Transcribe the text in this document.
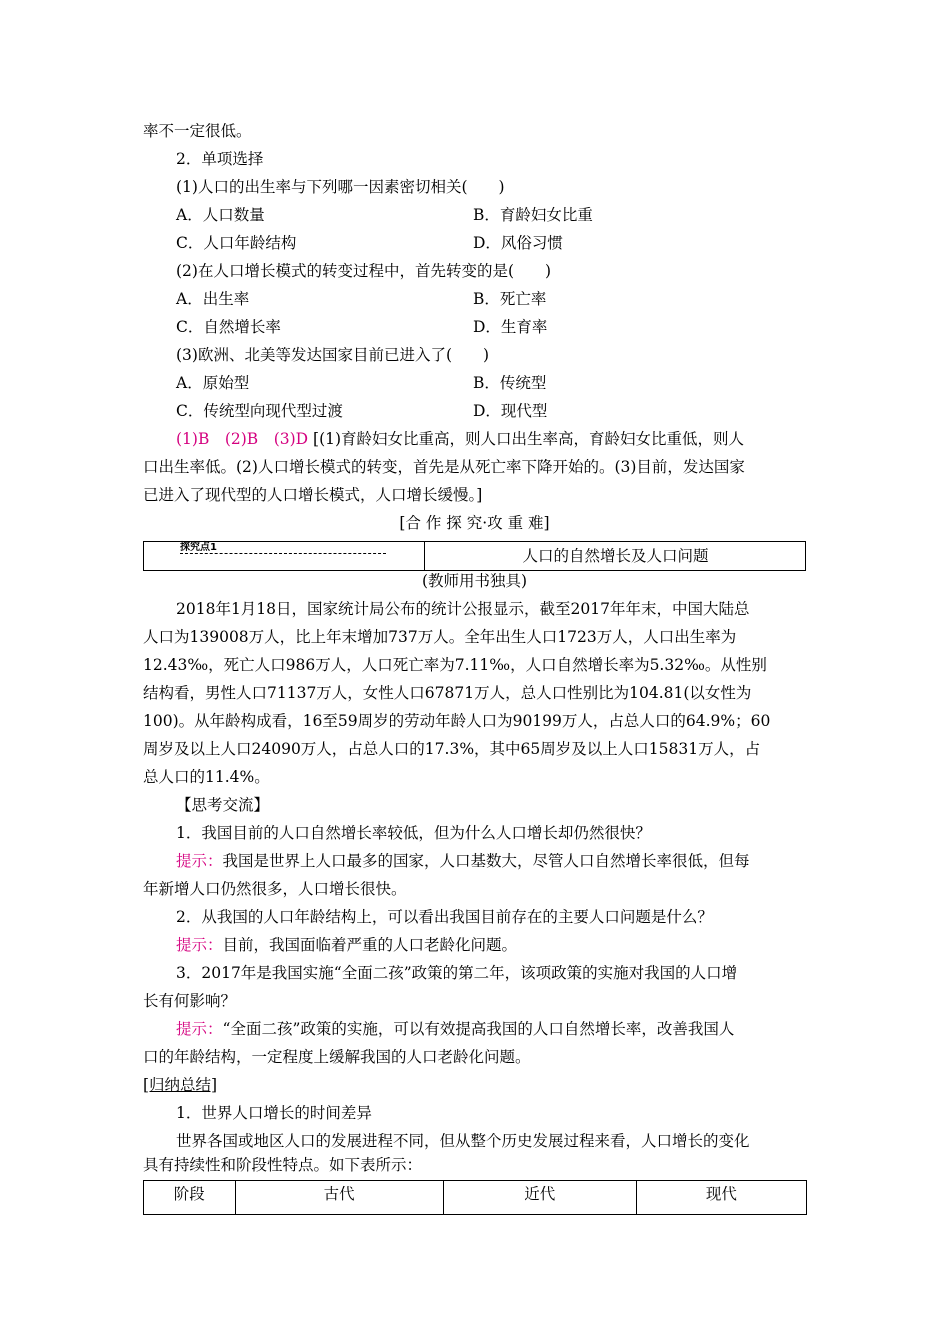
率不一定很低。
2．单项选择
(1)人口的出生率与下列哪一因素密切相关(　　)
A．人口数量	B．育龄妇女比重
C．人口年龄结构	D．风俗习惯
(2)在人口增长模式的转变过程中，首先转变的是(　　)
A．出生率	B．死亡率
C．自然增长率	D．生育率
(3)欧洲、北美等发达国家目前已进入了(　　)
A．原始型	B．传统型
C．传统型向现代型过渡	D．现代型
(1)B　(2)B　(3)D [(1)育龄妇女比重高，则人口出生率高，育龄妇女比重低，则人
口出生率低。(2)人口增长模式的转变，首先是从死亡率下降开始的。(3)目前，发达国家
已进入了现代型的人口增长模式，人口增长缓慢。]
[合 作 探 究·攻 重 难]
探究点1	人口的自然增长及人口问题
(教师用书独具)
2018年1月18日，国家统计局公布的统计公报显示，截至2017年年末，中国大陆总
人口为139008万人，比上年末增加737万人。全年出生人口1723万人，人口出生率为
12.43‰，死亡人口986万人，人口死亡率为7.11‰，人口自然增长率为5.32‰。从性别
结构看，男性人口71137万人，女性人口67871万人，总人口性别比为104.81(以女性为
100)。从年龄构成看，16至59周岁的劳动年龄人口为90199万人，占总人口的64.9%；60
周岁及以上人口24090万人，占总人口的17.3%，其中65周岁及以上人口15831万人，占
总人口的11.4%。
【思考交流】
1．我国目前的人口自然增长率较低，但为什么人口增长却仍然很快？
提示：我国是世界上人口最多的国家，人口基数大，尽管人口自然增长率很低，但每
年新增人口仍然很多，人口增长很快。
2．从我国的人口年龄结构上，可以看出我国目前存在的主要人口问题是什么？
提示：目前，我国面临着严重的人口老龄化问题。
3．2017年是我国实施“全面二孩”政策的第二年，该项政策的实施对我国的人口增
长有何影响？
提示：“全面二孩”政策的实施，可以有效提高我国的人口自然增长率，改善我国人
口的年龄结构，一定程度上缓解我国的人口老龄化问题。
[归纳总结]
1．世界人口增长的时间差异
世界各国或地区人口的发展进程不同，但从整个历史发展过程来看，人口增长的变化
具有持续性和阶段性特点。如下表所示：
阶段	古代	近代	现代
